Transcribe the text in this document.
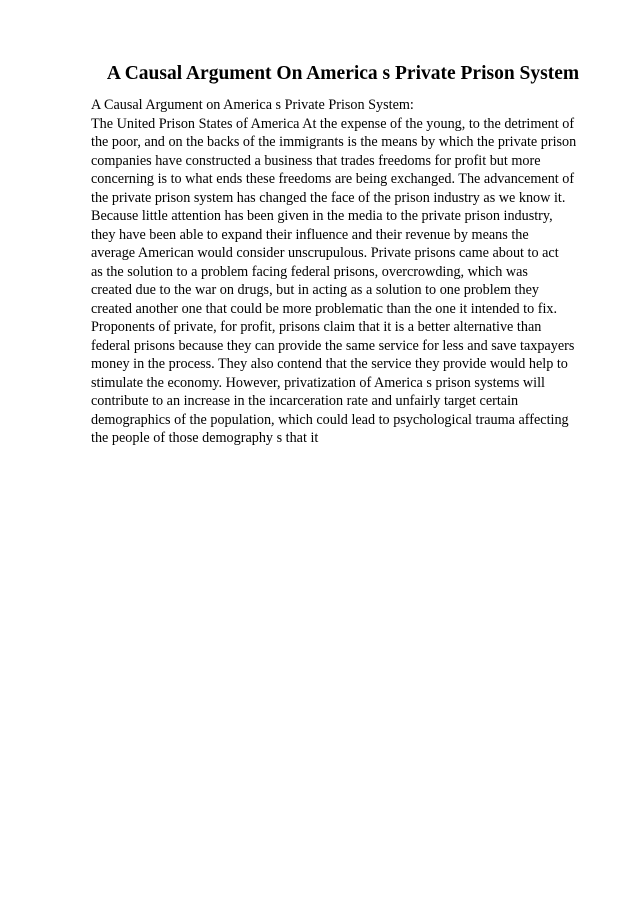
A Causal Argument On America s Private Prison System
A Causal Argument on America s Private Prison System:
The United Prison States of America At the expense of the young, to the detriment of
the poor, and on the backs of the immigrants is the means by which the private prison
companies have constructed a business that trades freedoms for profit but more
concerning is to what ends these freedoms are being exchanged. The advancement of
the private prison system has changed the face of the prison industry as we know it.
Because little attention has been given in the media to the private prison industry,
they have been able to expand their influence and their revenue by means the
average American would consider unscrupulous. Private prisons came about to act
as the solution to a problem facing federal prisons, overcrowding, which was
created due to the war on drugs, but in acting as a solution to one problem they
created another one that could be more problematic than the one it intended to fix.
Proponents of private, for profit, prisons claim that it is a better alternative than
federal prisons because they can provide the same service for less and save taxpayers
money in the process. They also contend that the service they provide would help to
stimulate the economy. However, privatization of America s prison systems will
contribute to an increase in the incarceration rate and unfairly target certain
demographics of the population, which could lead to psychological trauma affecting
the people of those demography s that it
